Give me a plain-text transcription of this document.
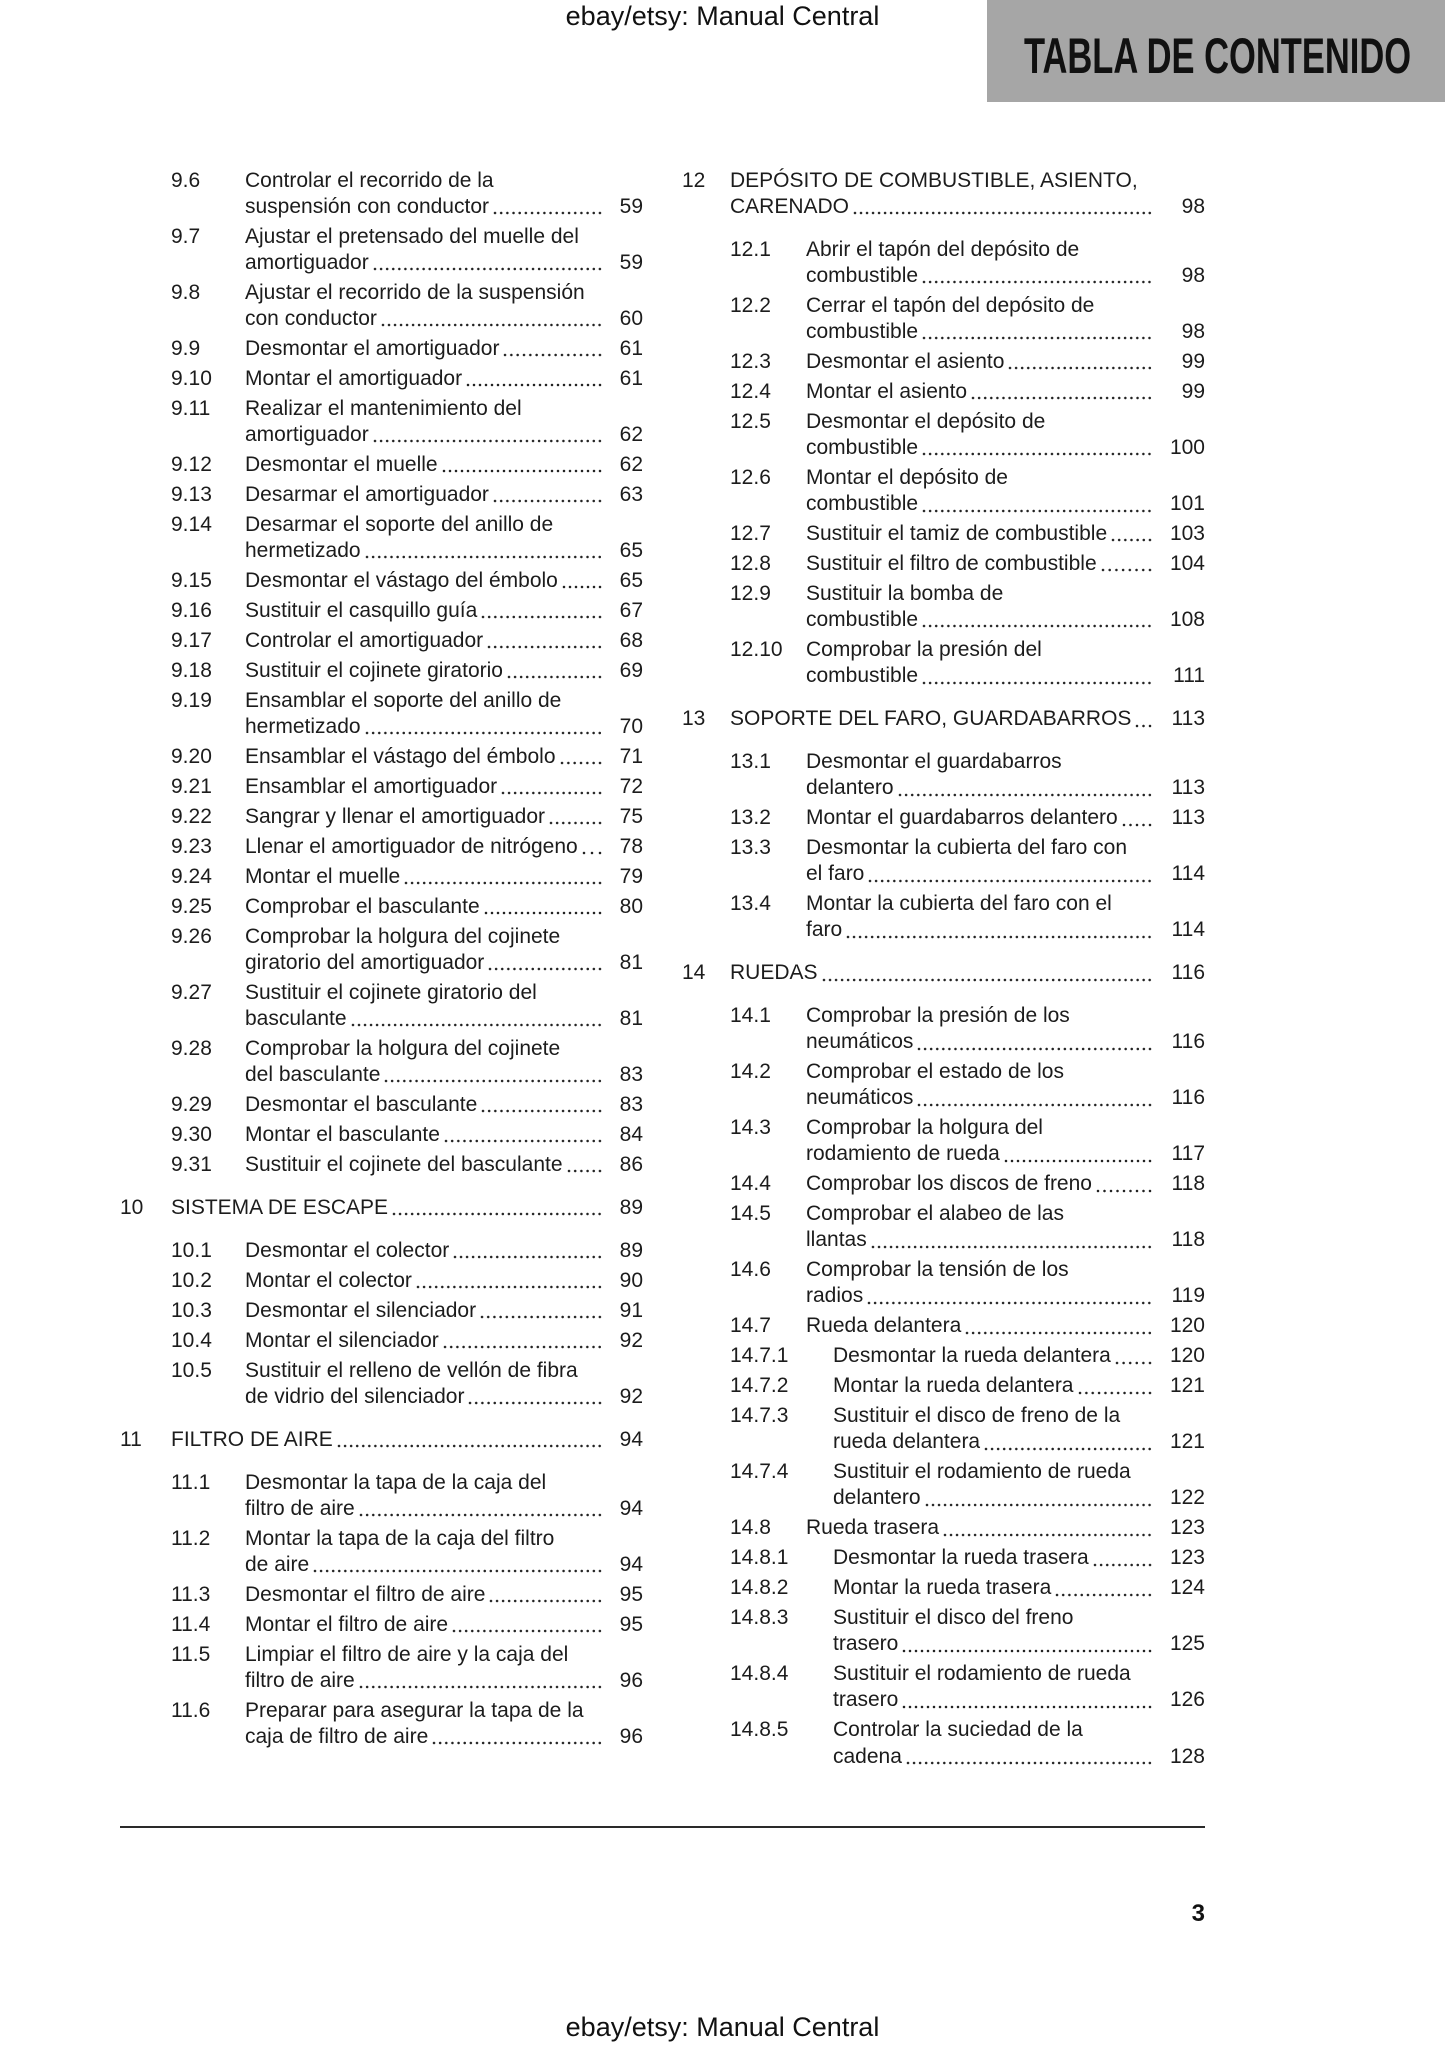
ebay/etsy: Manual Central
TABLA DE CONTENIDO
9.6	Controlar el recorrido de la
suspensión con conductor	59
9.7	Ajustar el pretensado del muelle del
amortiguador	59
9.8	Ajustar el recorrido de la suspensión
con conductor	60
9.9	Desmontar el amortiguador	61
9.10	Montar el amortiguador	61
9.11	Realizar el mantenimiento del
amortiguador	62
9.12	Desmontar el muelle	62
9.13	Desarmar el amortiguador	63
9.14	Desarmar el soporte del anillo de
hermetizado	65
9.15	Desmontar el vástago del émbolo	65
9.16	Sustituir el casquillo guía	67
9.17	Controlar el amortiguador	68
9.18	Sustituir el cojinete giratorio	69
9.19	Ensamblar el soporte del anillo de
hermetizado	70
9.20	Ensamblar el vástago del émbolo	71
9.21	Ensamblar el amortiguador	72
9.22	Sangrar y llenar el amortiguador	75
9.23	Llenar el amortiguador de nitrógeno	78
9.24	Montar el muelle	79
9.25	Comprobar el basculante	80
9.26	Comprobar la holgura del cojinete
giratorio del amortiguador	81
9.27	Sustituir el cojinete giratorio del
basculante	81
9.28	Comprobar la holgura del cojinete
del basculante	83
9.29	Desmontar el basculante	83
9.30	Montar el basculante	84
9.31	Sustituir el cojinete del basculante	86
10	SISTEMA DE ESCAPE	89
10.1	Desmontar el colector	89
10.2	Montar el colector	90
10.3	Desmontar el silenciador	91
10.4	Montar el silenciador	92
10.5	Sustituir el relleno de vellón de fibra
de vidrio del silenciador	92
11	FILTRO DE AIRE	94
11.1	Desmontar la tapa de la caja del
filtro de aire	94
11.2	Montar la tapa de la caja del filtro
de aire	94
11.3	Desmontar el filtro de aire	95
11.4	Montar el filtro de aire	95
11.5	Limpiar el filtro de aire y la caja del
filtro de aire	96
11.6	Preparar para asegurar la tapa de la
caja de filtro de aire	96
12	DEPÓSITO DE COMBUSTIBLE, ASIENTO,
CARENADO	98
12.1	Abrir el tapón del depósito de
combustible	98
12.2	Cerrar el tapón del depósito de
combustible	98
12.3	Desmontar el asiento	99
12.4	Montar el asiento	99
12.5	Desmontar el depósito de
combustible	100
12.6	Montar el depósito de
combustible	101
12.7	Sustituir el tamiz de combustible	103
12.8	Sustituir el filtro de combustible	104
12.9	Sustituir la bomba de
combustible	108
12.10	Comprobar la presión del
combustible	111
13	SOPORTE DEL FARO, GUARDABARROS	113
13.1	Desmontar el guardabarros
delantero	113
13.2	Montar el guardabarros delantero	113
13.3	Desmontar la cubierta del faro con
el faro	114
13.4	Montar la cubierta del faro con el
faro	114
14	RUEDAS	116
14.1	Comprobar la presión de los
neumáticos	116
14.2	Comprobar el estado de los
neumáticos	116
14.3	Comprobar la holgura del
rodamiento de rueda	117
14.4	Comprobar los discos de freno	118
14.5	Comprobar el alabeo de las
llantas	118
14.6	Comprobar la tensión de los
radios	119
14.7	Rueda delantera	120
14.7.1	Desmontar la rueda delantera	120
14.7.2	Montar la rueda delantera	121
14.7.3	Sustituir el disco de freno de la
rueda delantera	121
14.7.4	Sustituir el rodamiento de rueda
delantero	122
14.8	Rueda trasera	123
14.8.1	Desmontar la rueda trasera	123
14.8.2	Montar la rueda trasera	124
14.8.3	Sustituir el disco del freno
trasero	125
14.8.4	Sustituir el rodamiento de rueda
trasero	126
14.8.5	Controlar la suciedad de la
cadena	128
3
ebay/etsy: Manual Central
